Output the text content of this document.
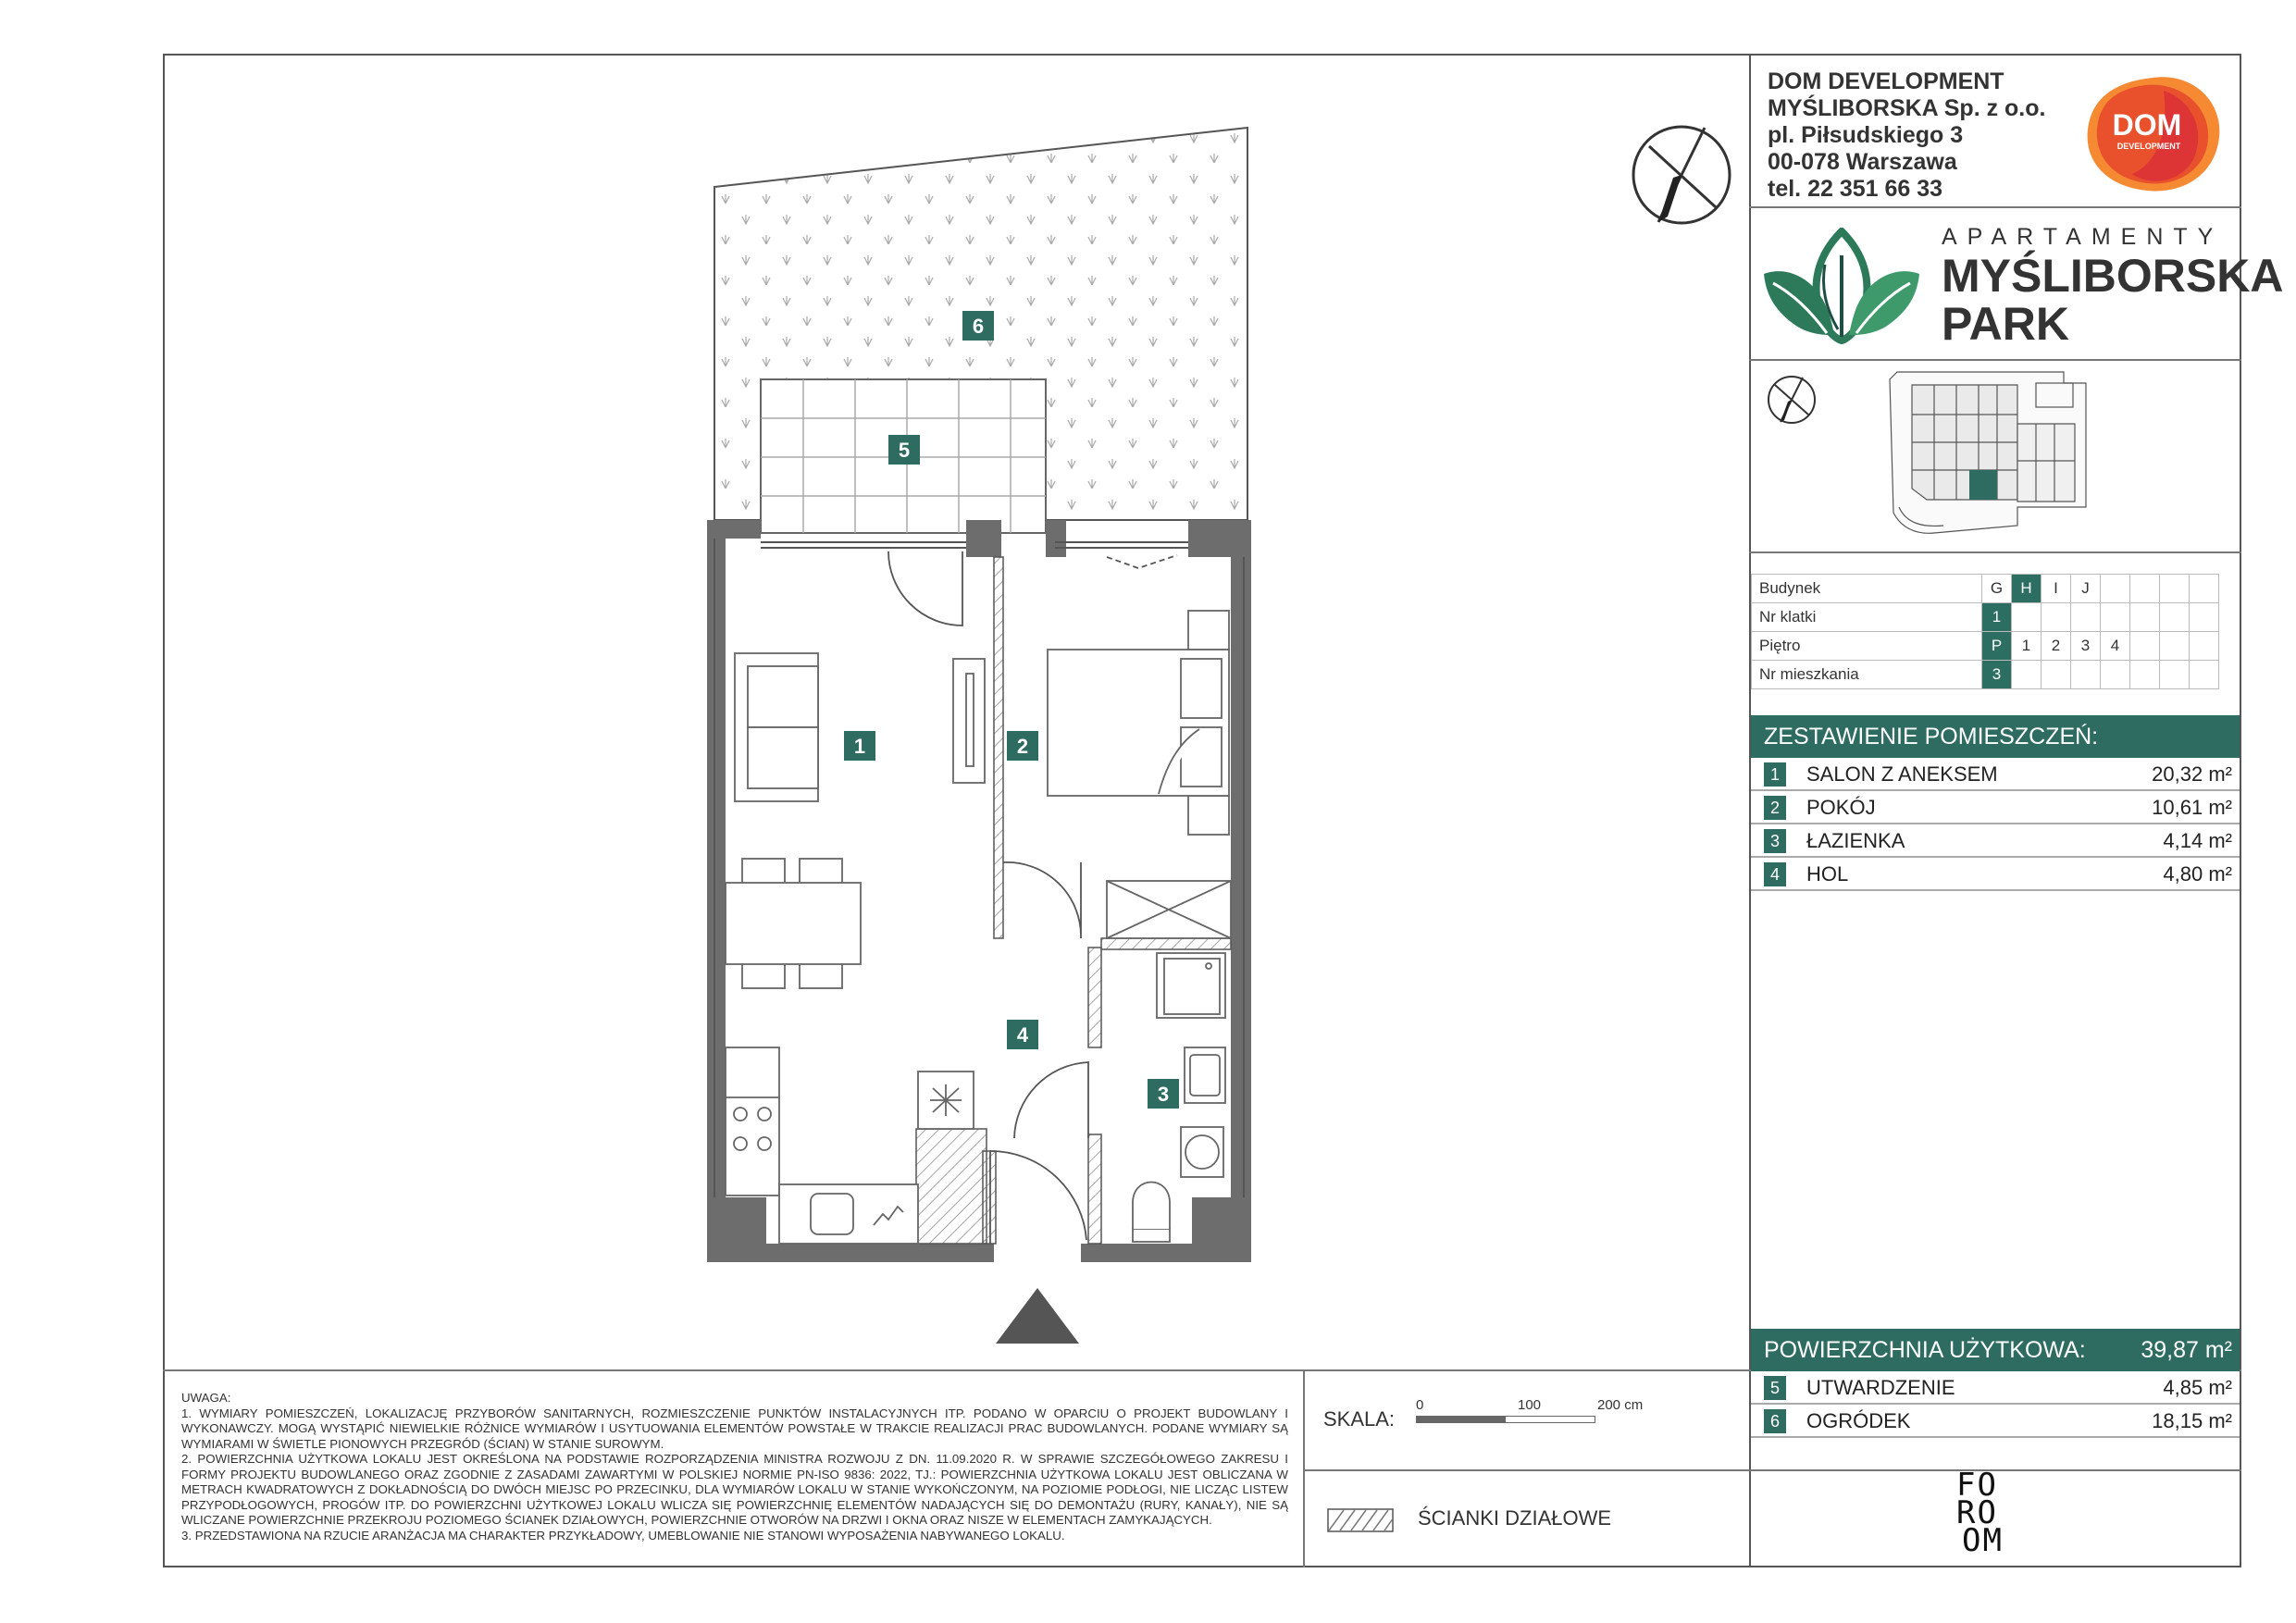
DOM DEVELOPMENT
MYŚLIBORSKA Sp. z o.o.
pl. Piłsudskiego 3
00-078 Warszawa
tel. 22 351 66 33
DOM
DEVELOPMENT
APARTAMENTY
MYŚLIBORSKA
PARK
Budynek	G	H	I	J				
Nr klatki	1							
Piętro	P	1	2	3	4			
Nr mieszkania	3							
ZESTAWIENIE POMIESZCZEŃ:
1	SALON Z ANEKSEM	20,32 m²
2	POKÓJ	10,61 m²
3	ŁAZIENKA	4,14 m²
4	HOL	4,80 m²
POWIERZCHNIA UŻYTKOWA: 39,87 m²
5	UTWARDZENIE	4,85 m²
6	OGRÓDEK	18,15 m²
UWAGA:
1. WYMIARY POMIESZCZEŃ, LOKALIZACJĘ PRZYBORÓW SANITARNYCH, ROZMIESZCZENIE PUNKTÓW INSTALACYJNYCH ITP. PODANO W OPARCIU O PROJEKT BUDOWLANY I WYKONAWCZY. MOGĄ WYSTĄPIĆ NIEWIELKIE RÓŻNICE WYMIARÓW I USYTUOWANIA ELEMENTÓW POWSTAŁE W TRAKCIE REALIZACJI PRAC BUDOWLANYCH. PODANE WYMIARY SĄ WYMIARAMI W ŚWIETLE PIONOWYCH PRZEGRÓD (ŚCIAN) W STANIE SUROWYM.
2. POWIERZCHNIA UŻYTKOWA LOKALU JEST OKREŚLONA NA PODSTAWIE ROZPORZĄDZENIA MINISTRA ROZWOJU Z DN. 11.09.2020 R. W SPRAWIE SZCZEGÓŁOWEGO ZAKRESU I FORMY PROJEKTU BUDOWLANEGO ORAZ ZGODNIE Z ZASADAMI ZAWARTYMI W POLSKIEJ NORMIE PN-ISO 9836: 2022, TJ.: POWIERZCHNIA UŻYTKOWA LOKALU JEST OBLICZANA W METRACH KWADRATOWYCH Z DOKŁADNOŚCIĄ DO DWÓCH MIEJSC PO PRZECINKU, DLA WYMIARÓW LOKALU W STANIE WYKOŃCZONYM, NA POZIOMIE PODŁOGI, NIE LICZĄC LISTEW PRZYPODŁOGOWYCH, PROGÓW ITP. DO POWIERZCHNI UŻYTKOWEJ LOKALU WLICZA SIĘ POWIERZCHNIĘ ELEMENTÓW NADAJĄCYCH SIĘ DO DEMONTAŻU (RURY, KANAŁY), NIE SĄ WLICZANE POWIERZCHNIE PRZEKROJU POZIOMEGO ŚCIANEK DZIAŁOWYCH, POWIERZCHNIE OTWORÓW NA DRZWI I OKNA ORAZ NISZE W ELEMENTACH ZAMYKAJĄCYCH.
3. PRZEDSTAWIONA NA RZUCIE ARANŻACJA MA CHARAKTER PRZYKŁADOWY, UMEBLOWANIE NIE STANOWI WYPOSAŻENIA NABYWANEGO LOKALU.
SKALA:
0	100	200 cm
ŚCIANKI DZIAŁOWE
FO
RO
OM
6
5
1	2
4
3
